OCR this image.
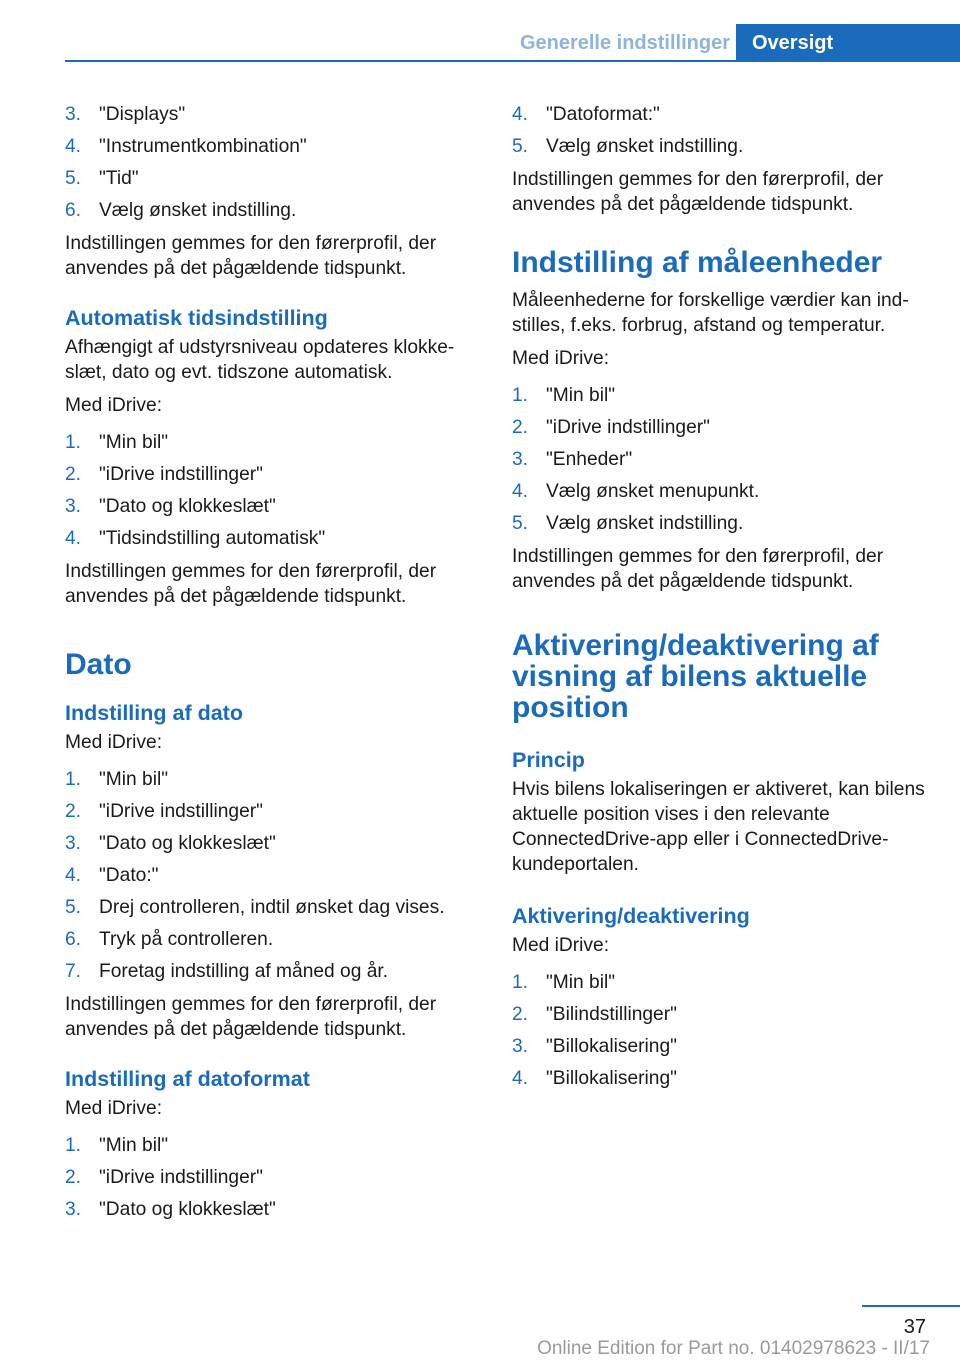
Generelle indstillinger	Oversigt
3. "Displays"
4. "Instrumentkombination"
5. "Tid"
6. Vælg ønsket indstilling.

Indstillingen gemmes for den førerprofil, der anvendes på det pågældende tidspunkt.

Automatisk tidsindstilling

Afhængigt af udstyrsniveau opdateres klokkeslæt, dato og evt. tidszone automatisk.

Med iDrive:

1. "Min bil"
2. "iDrive indstillinger"
3. "Dato og klokkeslæt"
4. "Tidsindstilling automatisk"

Indstillingen gemmes for den førerprofil, der anvendes på det pågældende tidspunkt.

Dato
Indstilling af dato

Med iDrive:

1. "Min bil"
2. "iDrive indstillinger"
3. "Dato og klokkeslæt"
4. "Dato:"
5. Drej controlleren, indtil ønsket dag vises.
6. Tryk på controlleren.
7. Foretag indstilling af måned og år.

Indstillingen gemmes for den førerprofil, der anvendes på det pågældende tidspunkt.

Indstilling af datoformat

Med iDrive:

1. "Min bil"
2. "iDrive indstillinger"
3. "Dato og klokkeslæt"
4. "Datoformat:"
5. Vælg ønsket indstilling.

Indstillingen gemmes for den førerprofil, der anvendes på det pågældende tidspunkt.

Indstilling af måleenheder

Måleenhederne for forskellige værdier kan indstilles, f.eks. forbrug, afstand og temperatur.

Med iDrive:

1. "Min bil"
2. "iDrive indstillinger"
3. "Enheder"
4. Vælg ønsket menupunkt.
5. Vælg ønsket indstilling.

Indstillingen gemmes for den førerprofil, der anvendes på det pågældende tidspunkt.

Aktivering/deaktivering af visning af bilens aktuelle position
Princip

Hvis bilens lokaliseringen er aktiveret, kan bilens aktuelle position vises i den relevante ConnectedDrive-app eller i ConnectedDrive-kundeportalen.

Aktivering/deaktivering

Med iDrive:

1. "Min bil"
2. "Bilindstillinger"
3. "Billokalisering"
4. "Billokalisering"
37
Online Edition for Part no. 01402978623 - II/17
